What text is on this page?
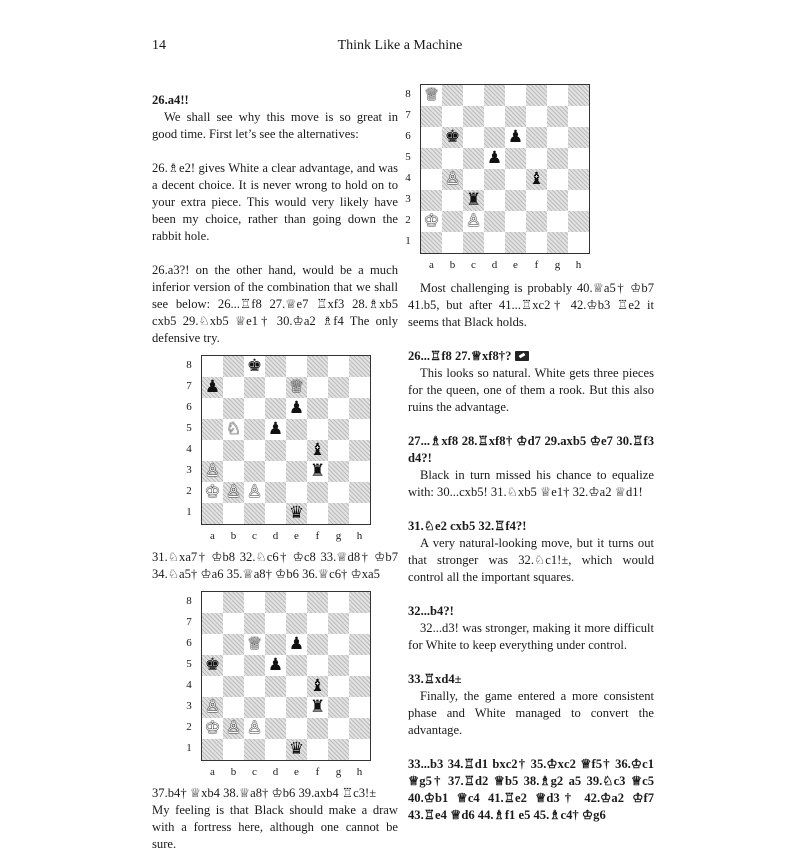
14	Think Like a Machine

26.a4!!

We shall see why this move is so great in good time. First let’s see the alternatives:

26.♗e2! gives White a clear advantage, and was a decent choice. It is never wrong to hold on to your extra piece. This would very likely have been my choice, rather than going down the rabbit hole.

26.a3?! on the other hand, would be a much inferior version of the combination that we shall see below: 26...♖f8 27.♕e7 ♖xf3 28.♗xb5 cxb5 29.♘xb5 ♕e1† 30.♔a2 ♗f4 The only defensive try.

8
7
6
5
4
3
2
1
♚
♟	♕
♟
♘ ♟
♝
♙	♜
♔ ♙ ♙
♛
a	b	c	d	e	f	g	h

31.♘xa7† ♔b8 32.♘c6† ♔c8 33.♕d8† ♔b7 34.♘a5† ♔a6 35.♕a8† ♔b6 36.♕c6† ♔xa5

8
7
6
5
4
3
2
1
♕ ♟
♚	♟
♝
♙	♜
♔ ♙ ♙
♛
a	b	c	d	e	f	g	h

37.b4† ♕xb4 38.♕a8† ♔b6 39.axb4 ♖c3!±

My feeling is that Black should make a draw with a fortress here, although one cannot be sure.

8
7
6
5
4
3
2
1
♕
♚	♟
♟
♙	♝
♜
♔ ♙
a	b	c	d	e	f	g	h

Most challenging is probably 40.♕a5† ♔b7 41.b5, but after 41...♖xc2† 42.♔b3 ♖e2 it seems that Black holds.

26...♖f8 27.♕xf8†?

This looks so natural. White gets three pieces for the queen, one of them a rook. But this also ruins the advantage.

27...♗xf8 28.♖xf8† ♔d7 29.axb5 ♔e7 30.♖f3 d4?!

Black in turn missed his chance to equalize with: 30...cxb5! 31.♘xb5 ♕e1† 32.♔a2 ♕d1!

31.♘e2 cxb5 32.♖f4?!

A very natural-looking move, but it turns out that stronger was 32.♘c1!±, which would control all the important squares.

32...b4?!

32...d3! was stronger, making it more difficult for White to keep everything under control.

33.♖xd4±

Finally, the game entered a more consistent phase and White managed to convert the advantage.

33...b3 34.♖d1 bxc2† 35.♔xc2 ♕f5† 36.♔c1 ♕g5† 37.♖d2 ♕b5 38.♗g2 a5 39.♘c3 ♕c5 40.♔b1 ♕c4 41.♖e2 ♕d3† 42.♔a2 ♔f7 43.♖e4 ♕d6 44.♗f1 e5 45.♗c4† ♔g6
